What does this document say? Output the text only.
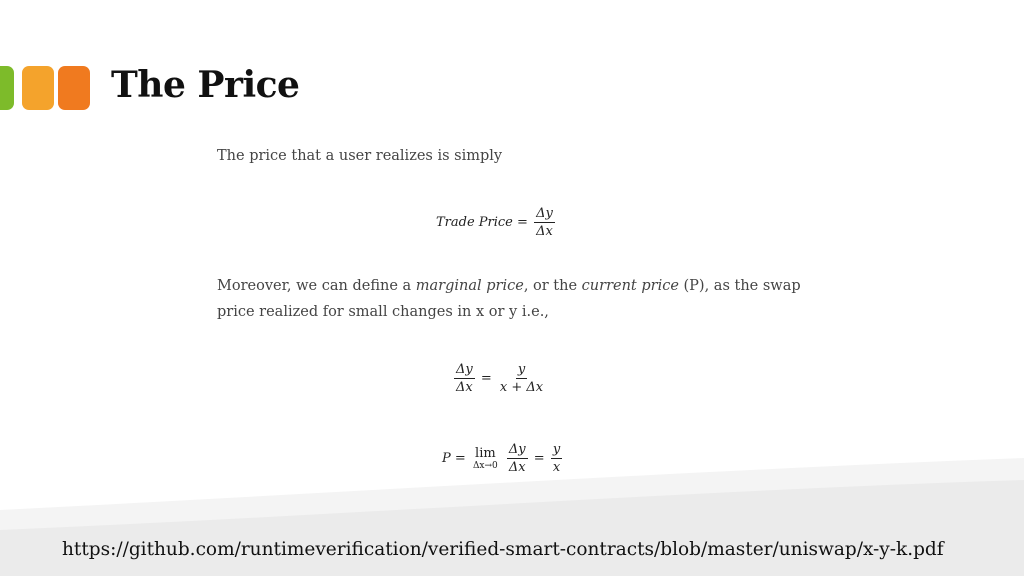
The Price
The price that a user realizes is simply
Trade Price = $\frac{\Delta y}{\Delta x}$
Moreover, we can define a marginal price, or the current price (P), as the swap
price realized for small changes in x or y i.e.,
$\frac{\Delta y}{\Delta x} = \frac{y}{x + \Delta x}$
P = lim
Δx→0
$\frac{\Delta y}{\Delta x} = \frac{y}{x}$
https://github.com/runtimeverification/verified-smart-contracts/blob/master/uniswap/x-y-k.pdf
